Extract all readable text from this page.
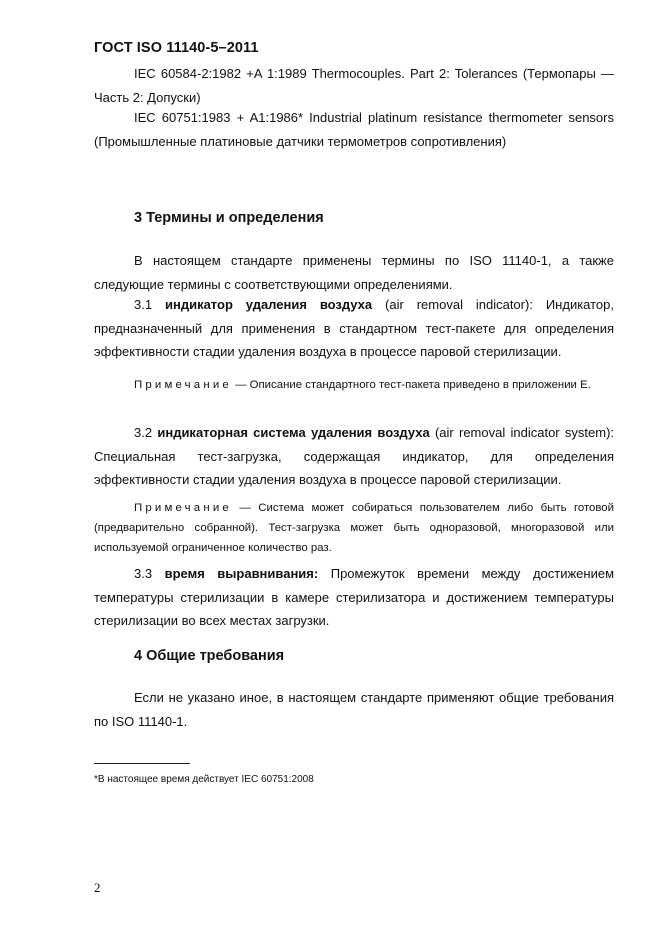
ГОСТ ISO 11140-5–2011

IEC 60584-2:1982 +A 1:1989 Thermocouples. Part 2: Tolerances (Термопары — Часть 2: Допуски)

IEC 60751:1983 + A1:1986* Industrial platinum resistance thermometer sensors (Промышленные платиновые датчики термометров сопротивления)

3 Термины и определения

В настоящем стандарте применены термины по ISO 11140-1, а также следующие термины с соответствующими определениями.

3.1 индикатор удаления воздуха (air removal indicator): Индикатор, предназначенный для применения в стандартном тест-пакете для определения эффективности стадии удаления воздуха в процессе паровой стерилизации.

Примечание — Описание стандартного тест-пакета приведено в приложении Е.

3.2 индикаторная система удаления воздуха (air removal indicator system): Специальная тест-загрузка, содержащая индикатор, для определения эффективности стадии удаления воздуха в процессе паровой стерилизации.

Примечание — Система может собираться пользователем либо быть готовой (предварительно собранной). Тест-загрузка может быть одноразовой, многоразовой или используемой ограниченное количество раз.

3.3 время выравнивания: Промежуток времени между достижением температуры стерилизации в камере стерилизатора и достижением температуры стерилизации во всех местах загрузки.

4 Общие требования

Если не указано иное, в настоящем стандарте применяют общие требования по ISO 11140-1.

*В настоящее время действует IEC 60751:2008

2
